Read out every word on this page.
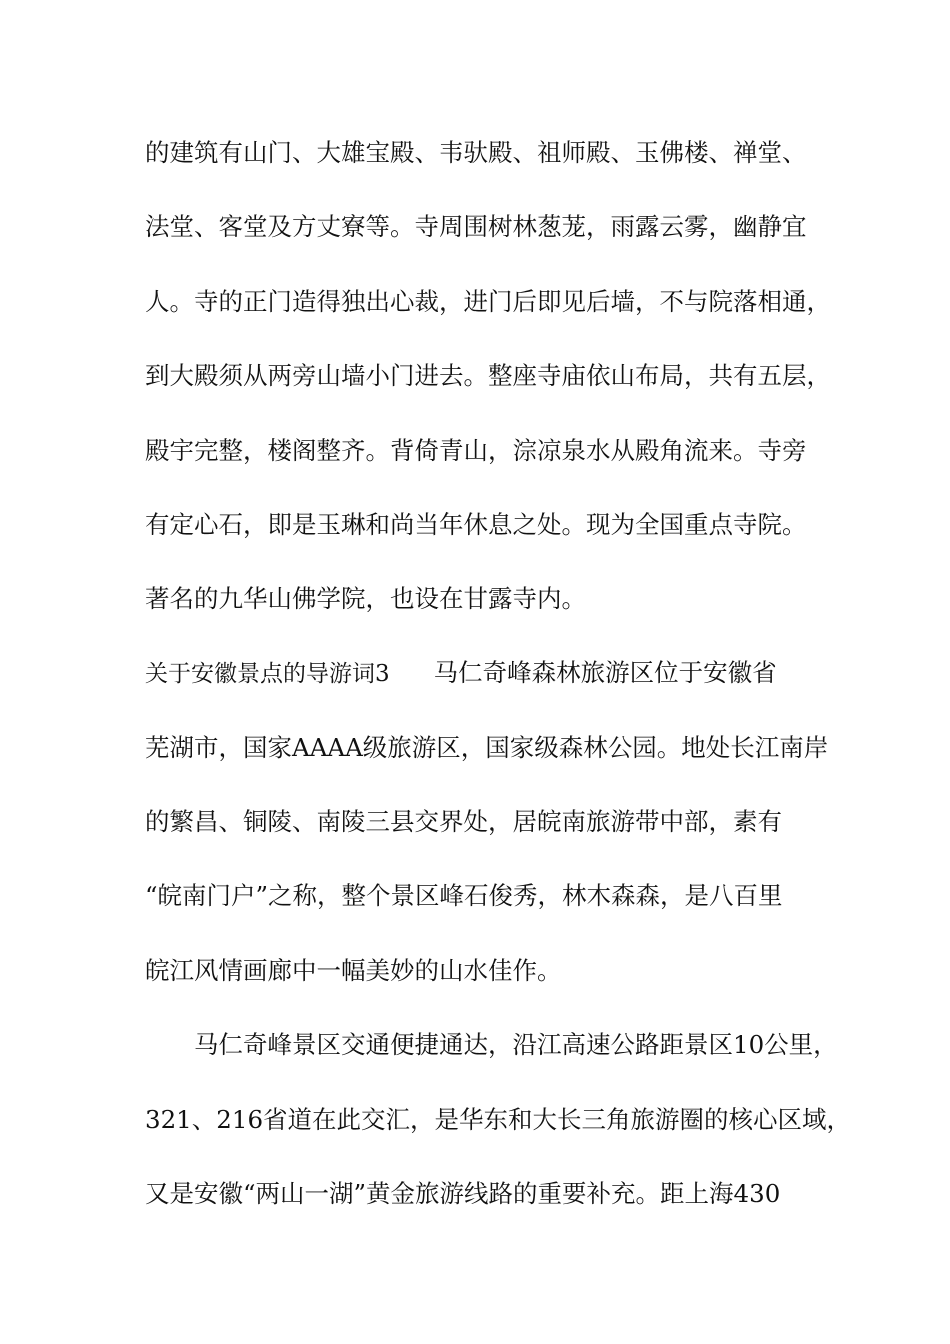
的建筑有山门、大雄宝殿、韦驮殿、祖师殿、玉佛楼、禅堂、
法堂、客堂及方丈寮等。寺周围树林葱茏，雨露云雾，幽静宜
人。寺的正门造得独出心裁，进门后即见后墙，不与院落相通，
到大殿须从两旁山墙小门进去。整座寺庙依山布局，共有五层，
殿宇完整，楼阁整齐。背倚青山，淙凉泉水从殿角流来。寺旁
有定心石，即是玉琳和尚当年休息之处。现为全国重点寺院。
著名的九华山佛学院，也设在甘露寺内。
关于安徽景点的导游词3 马仁奇峰森林旅游区位于安徽省
芜湖市，国家AAAA级旅游区，国家级森林公园。地处长江南岸
的繁昌、铜陵、南陵三县交界处，居皖南旅游带中部，素有
“皖南门户”之称，整个景区峰石俊秀，林木森森，是八百里
皖江风情画廊中一幅美妙的山水佳作。
马仁奇峰景区交通便捷通达，沿江高速公路距景区10公里，
321、216省道在此交汇，是华东和大长三角旅游圈的核心区域，
又是安徽“两山一湖”黄金旅游线路的重要补充。距上海430
